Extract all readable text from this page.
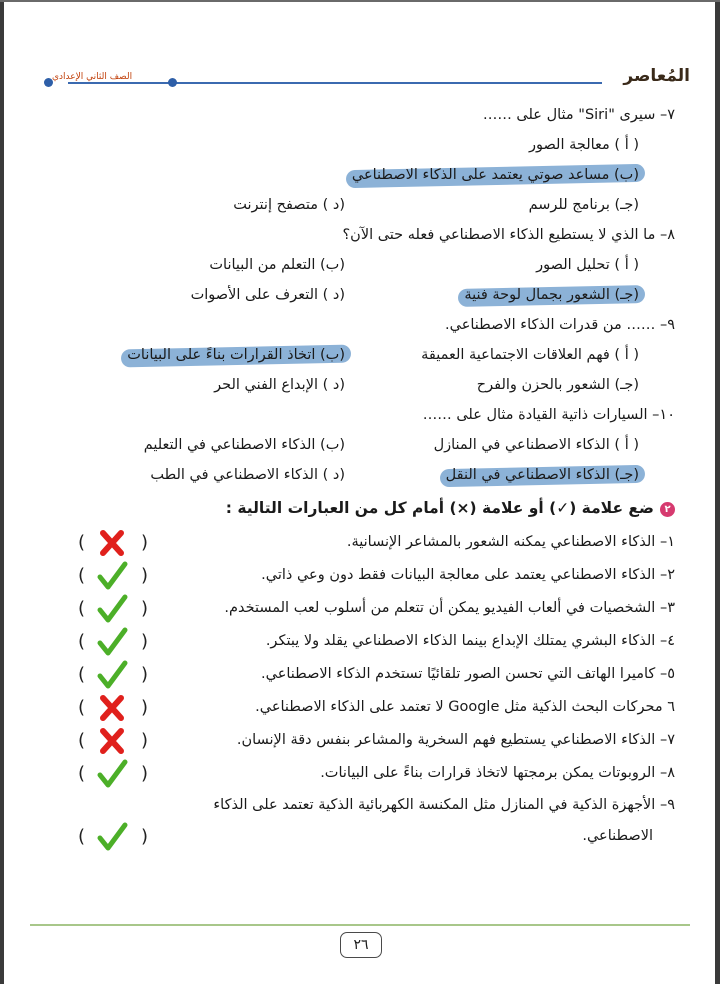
الصف الثاني الإعدادي	المُعاصر
٧– سيرى "Siri" مثال على ……
( أ ) معالجة الصور
(ب) مساعد صوتي يعتمد على الذكاء الاصطناعي
(جـ) برنامج للرسم
(د ) متصفح إنترنت
٨– ما الذي لا يستطيع الذكاء الاصطناعي فعله حتى الآن؟
( أ ) تحليل الصور
(ب) التعلم من البيانات
(جـ) الشعور بجمال لوحة فنية
(د ) التعرف على الأصوات
٩– …… من قدرات الذكاء الاصطناعي.
( أ ) فهم العلاقات الاجتماعية العميقة
(ب) اتخاذ القرارات بناءً على البيانات
(جـ) الشعور بالحزن والفرح
(د ) الإبداع الفني الحر
١٠– السيارات ذاتية القيادة مثال على ……
( أ ) الذكاء الاصطناعي في المنازل
(ب) الذكاء الاصطناعي في التعليم
(جـ) الذكاء الاصطناعي في النقل
(د ) الذكاء الاصطناعي في الطب
٢ضع علامة (✓) أو علامة (×) أمام كل من العبارات التالية :
١– الذكاء الاصطناعي يمكنه الشعور بالمشاعر الإنسانية.
(	)
٢– الذكاء الاصطناعي يعتمد على معالجة البيانات فقط دون وعي ذاتي.
(	)
٣– الشخصيات في ألعاب الفيديو يمكن أن تتعلم من أسلوب لعب المستخدم.
(	)
٤– الذكاء البشري يمتلك الإبداع بينما الذكاء الاصطناعي يقلد ولا يبتكر.
(	)
٥– كاميرا الهاتف التي تحسن الصور تلقائيًا تستخدم الذكاء الاصطناعي.
(	)
٦ محركات البحث الذكية مثل Google لا تعتمد على الذكاء الاصطناعي.
(	)
٧– الذكاء الاصطناعي يستطيع فهم السخرية والمشاعر بنفس دقة الإنسان.
(	)
٨– الروبوتات يمكن برمجتها لاتخاذ قرارات بناءً على البيانات.
(	)
٩– الأجهزة الذكية في المنازل مثل المكنسة الكهربائية الذكية تعتمد على الذكاء
الاصطناعي.
(	)
٢٦
